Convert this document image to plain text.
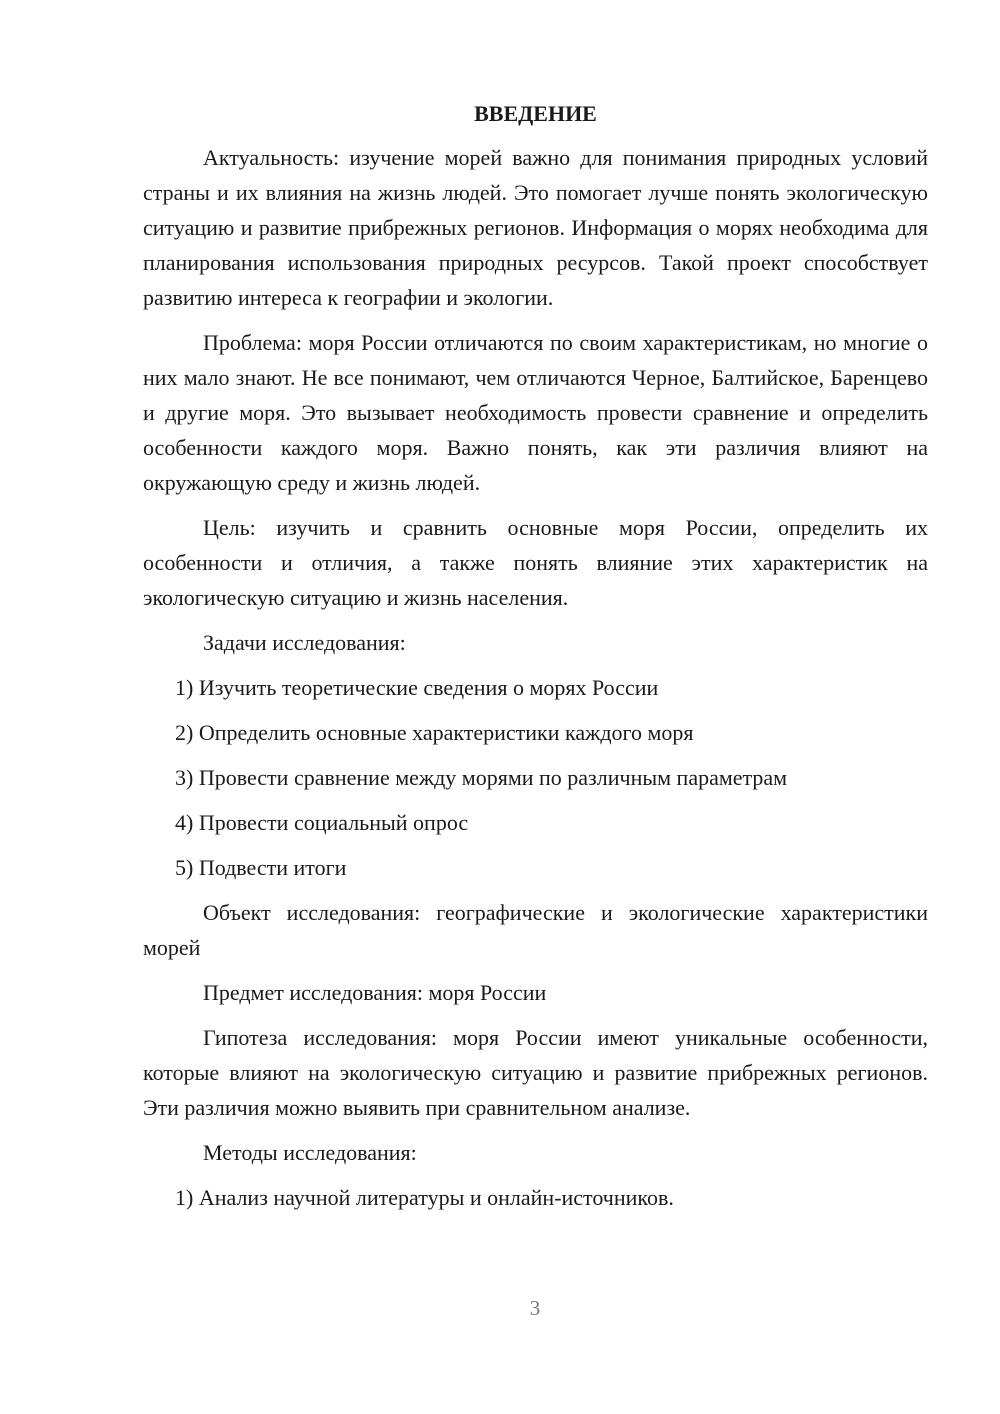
ВВЕДЕНИЕ

Актуальность: изучение морей важно для понимания природных условий страны и их влияния на жизнь людей. Это помогает лучше понять экологическую ситуацию и развитие прибрежных регионов. Информация о морях необходима для планирования использования природных ресурсов. Такой проект способствует развитию интереса к географии и экологии.

Проблема: моря России отличаются по своим характеристикам, но многие о них мало знают. Не все понимают, чем отличаются Черное, Балтийское, Баренцево и другие моря. Это вызывает необходимость провести сравнение и определить особенности каждого моря. Важно понять, как эти различия влияют на окружающую среду и жизнь людей.

Цель: изучить и сравнить основные моря России, определить их особенности и отличия, а также понять влияние этих характеристик на экологическую ситуацию и жизнь населения.

Задачи исследования:

1) Изучить теоретические сведения о морях России

2) Определить основные характеристики каждого моря

3) Провести сравнение между морями по различным параметрам

4) Провести социальный опрос

5) Подвести итоги

Объект исследования: географические и экологические характеристики морей

Предмет исследования: моря России

Гипотеза исследования: моря России имеют уникальные особенности, которые влияют на экологическую ситуацию и развитие прибрежных регионов. Эти различия можно выявить при сравнительном анализе.

Методы исследования:

1) Анализ научной литературы и онлайн-источников.

3
